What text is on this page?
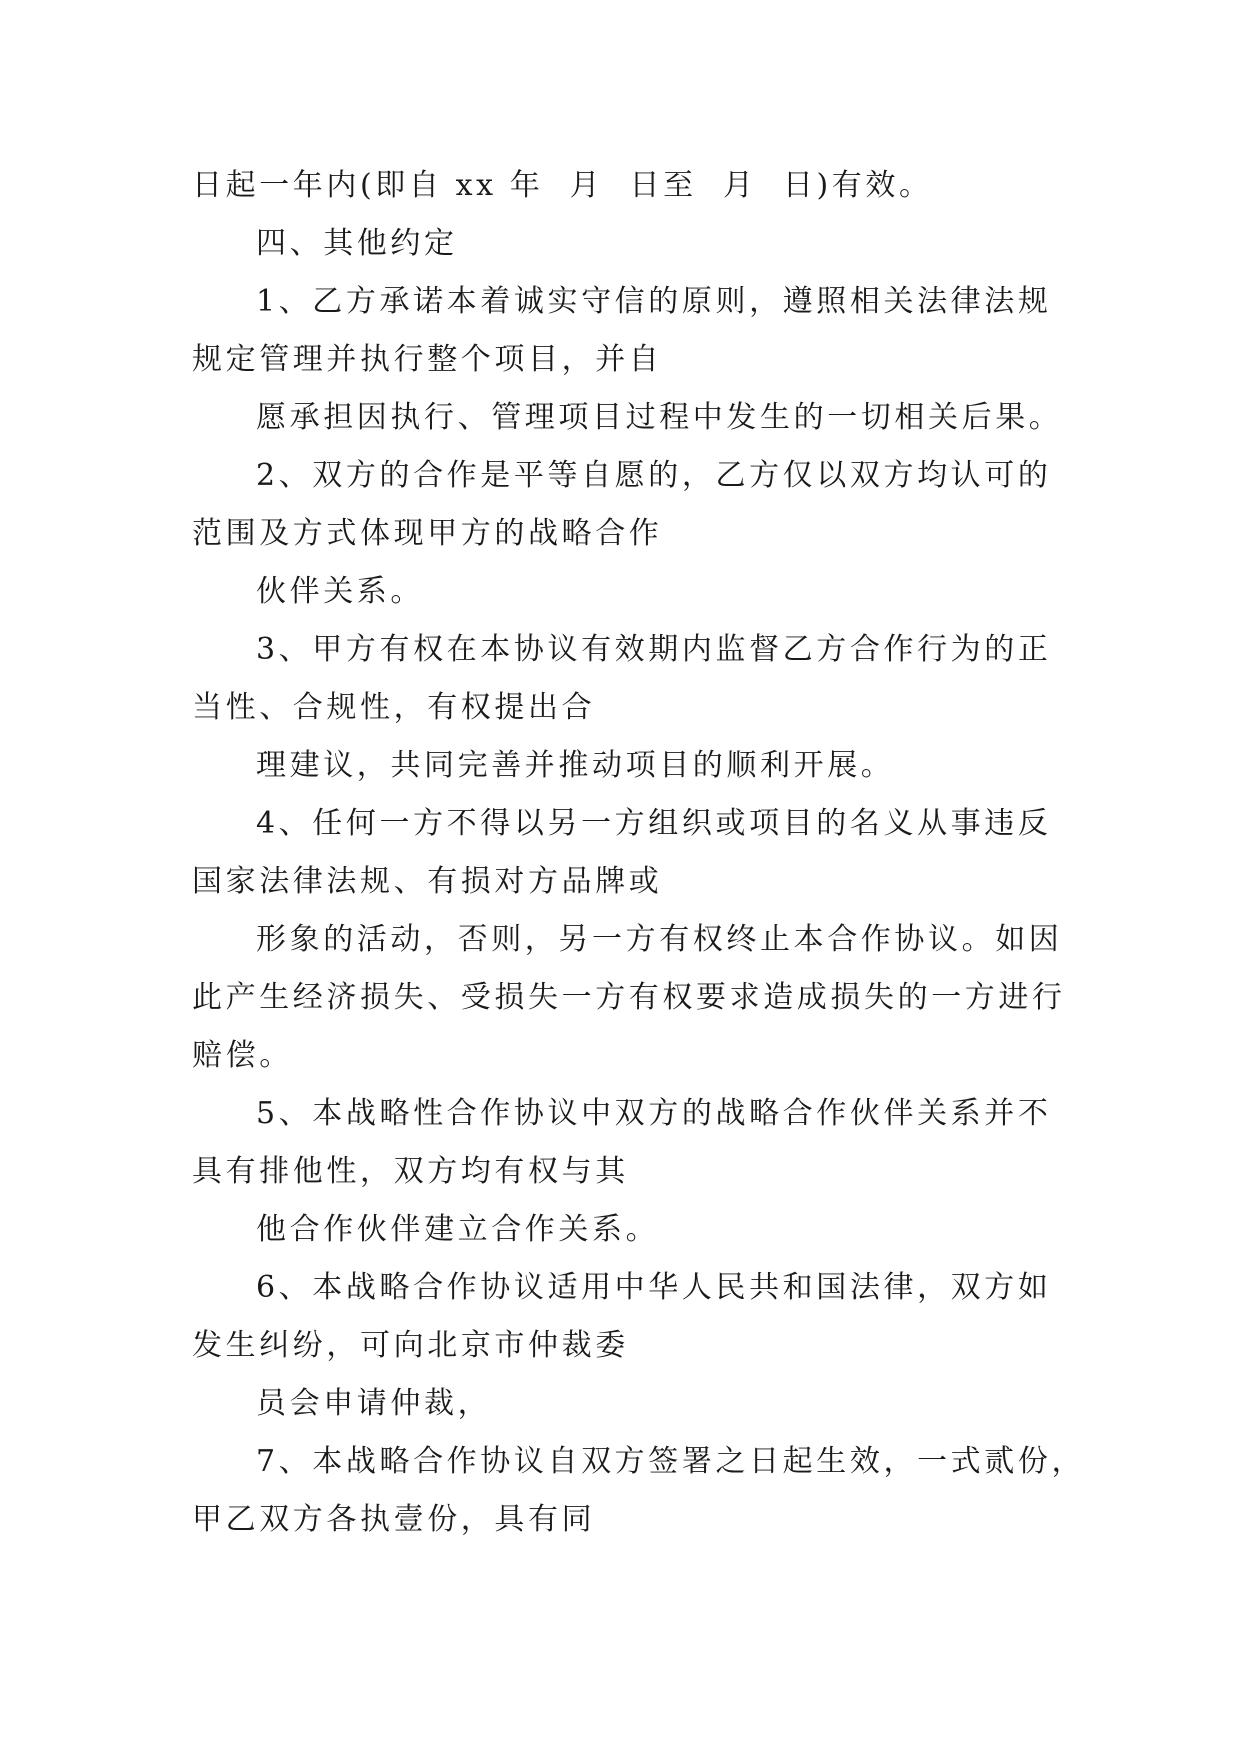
日起一年内(即自 xx 年  月  日至  月  日)有效。

四、其他约定

1、乙方承诺本着诚实守信的原则，遵照相关法律法规

规定管理并执行整个项目，并自

愿承担因执行、管理项目过程中发生的一切相关后果。

2、双方的合作是平等自愿的，乙方仅以双方均认可的

范围及方式体现甲方的战略合作

伙伴关系。

3、甲方有权在本协议有效期内监督乙方合作行为的正

当性、合规性，有权提出合

理建议，共同完善并推动项目的顺利开展。

4、任何一方不得以另一方组织或项目的名义从事违反

国家法律法规、有损对方品牌或

形象的活动，否则，另一方有权终止本合作协议。如因

此产生经济损失、受损失一方有权要求造成损失的一方进行

赔偿。

5、本战略性合作协议中双方的战略合作伙伴关系并不

具有排他性，双方均有权与其

他合作伙伴建立合作关系。

6、本战略合作协议适用中华人民共和国法律，双方如

发生纠纷，可向北京市仲裁委

员会申请仲裁，

7、本战略合作协议自双方签署之日起生效，一式贰份，

甲乙双方各执壹份，具有同
